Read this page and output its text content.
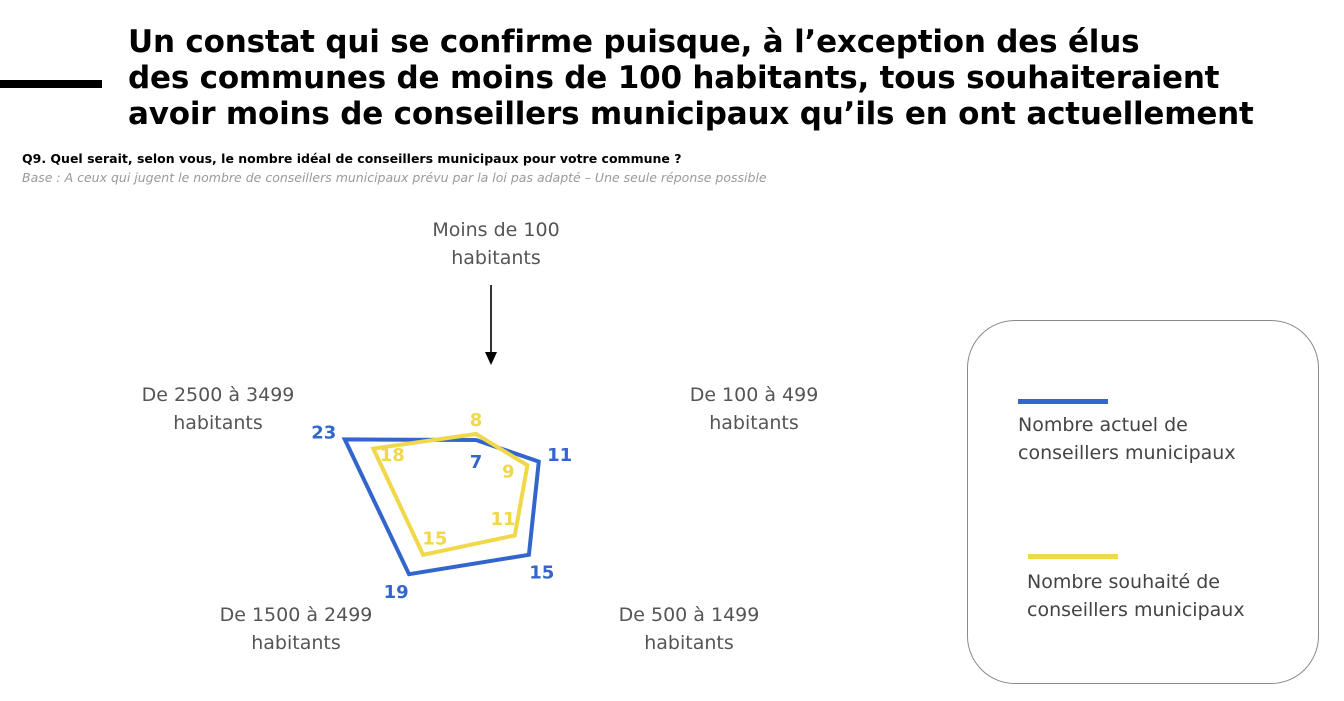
Un constat qui se confirme puisque, à l’exception des élus
des communes de moins de 100 habitants, tous souhaiteraient
avoir moins de conseillers municipaux qu’ils en ont actuellement
Q9. Quel serait, selon vous, le nombre idéal de conseillers municipaux pour votre commune ?
Base : A ceux qui jugent le nombre de conseillers municipaux prévu par la loi pas adapté – Une seule réponse possible
7	11
15
19
23
8
9
11
15
18
Moins de 100 habitants
De 100 à 499 habitants
De 500 à 1499 habitants
De 1500 à 2499 habitants
De 2500 à 3499 habitants	Nombre actuel de
conseillers municipaux
Nombre souhaité de
conseillers municipaux
